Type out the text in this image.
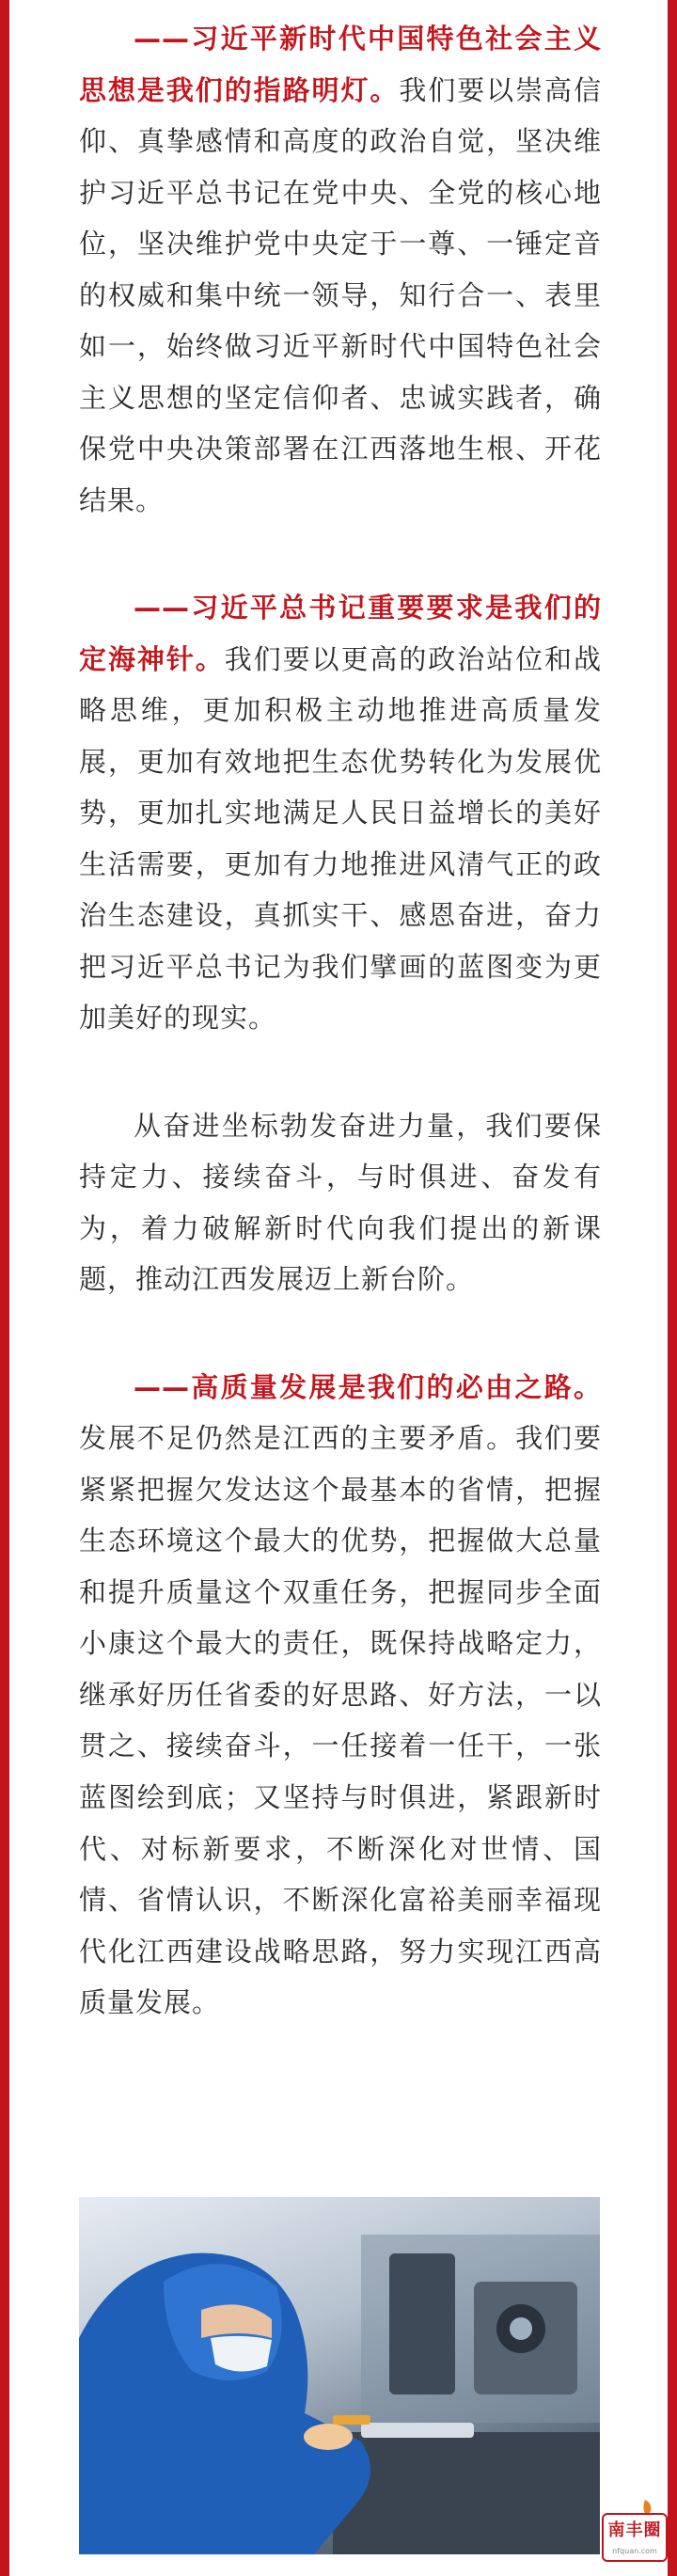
——习近平新时代中国特色社会主义思想是我们的指路明灯。我们要以崇高信仰、真挚感情和高度的政治自觉，坚决维护习近平总书记在党中央、全党的核心地位，坚决维护党中央定于一尊、一锤定音的权威和集中统一领导，知行合一、表里如一，始终做习近平新时代中国特色社会主义思想的坚定信仰者、忠诚实践者，确保党中央决策部署在江西落地生根、开花结果。

——习近平总书记重要要求是我们的定海神针。我们要以更高的政治站位和战略思维，更加积极主动地推进高质量发展，更加有效地把生态优势转化为发展优势，更加扎实地满足人民日益增长的美好生活需要，更加有力地推进风清气正的政治生态建设，真抓实干、感恩奋进，奋力把习近平总书记为我们擘画的蓝图变为更加美好的现实。

从奋进坐标勃发奋进力量，我们要保持定力、接续奋斗，与时俱进、奋发有为，着力破解新时代向我们提出的新课题，推动江西发展迈上新台阶。

——高质量发展是我们的必由之路。发展不足仍然是江西的主要矛盾。我们要紧紧把握欠发达这个最基本的省情，把握生态环境这个最大的优势，把握做大总量和提升质量这个双重任务，把握同步全面小康这个最大的责任，既保持战略定力，继承好历任省委的好思路、好方法，一以贯之、接续奋斗，一任接着一任干，一张蓝图绘到底；又坚持与时俱进，紧跟新时代、对标新要求，不断深化对世情、国情、省情认识，不断深化富裕美丽幸福现代化江西建设战略思路，努力实现江西高质量发展。

南丰圈
nfquan.com
